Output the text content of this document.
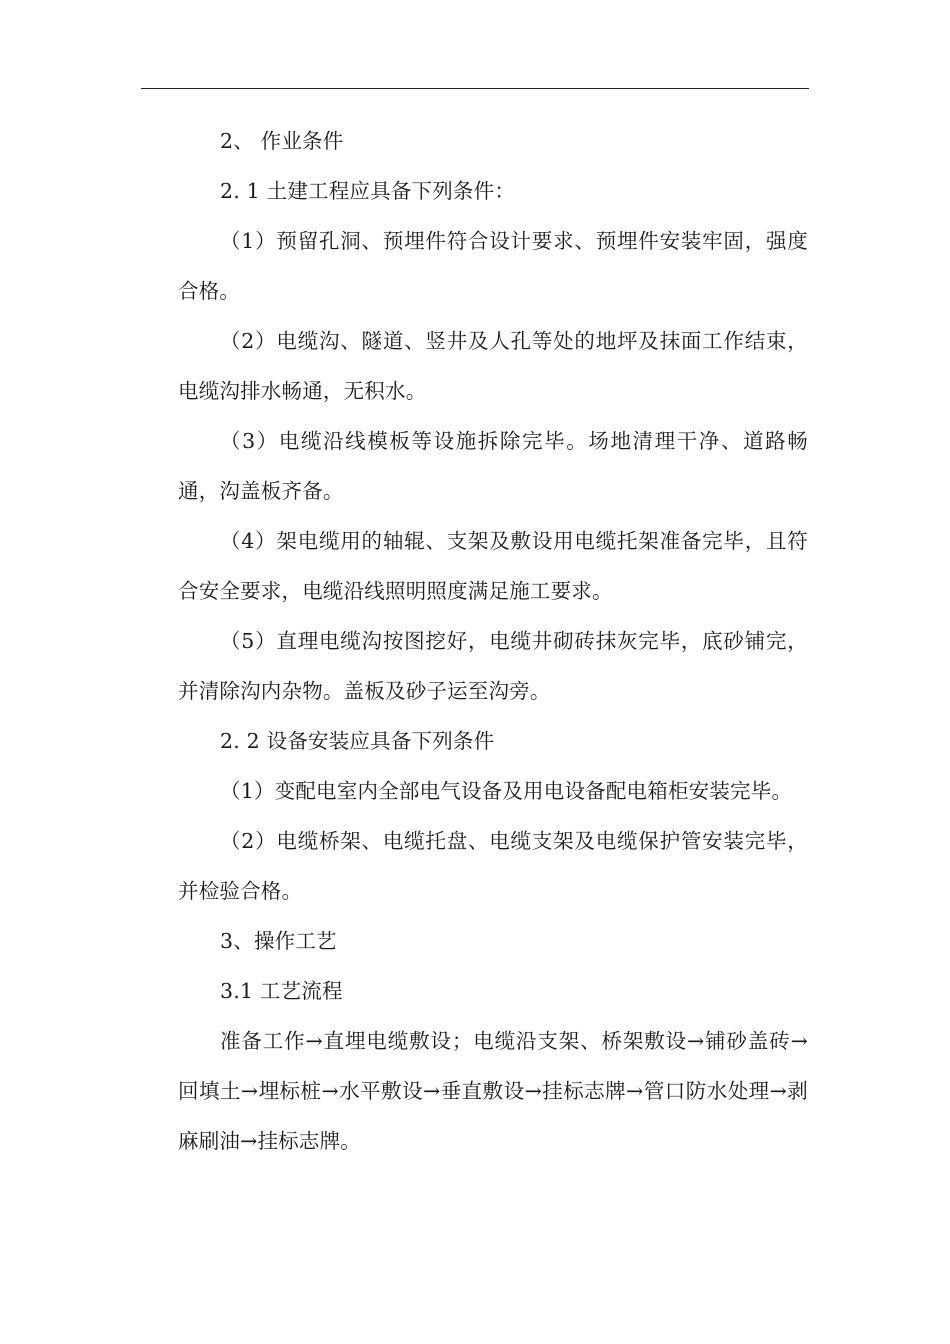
2、 作业条件

2. 1 土建工程应具备下列条件：

（1）预留孔洞、预埋件符合设计要求、预埋件安装牢固，强度合格。

（2）电缆沟、隧道、竖井及人孔等处的地坪及抹面工作结束，电缆沟排水畅通，无积水。

（3）电缆沿线模板等设施拆除完毕。场地清理干净、道路畅通，沟盖板齐备。

（4）架电缆用的轴辊、支架及敷设用电缆托架准备完毕，且符合安全要求，电缆沿线照明照度满足施工要求。

（5）直理电缆沟按图挖好，电缆井砌砖抹灰完毕，底砂铺完，并清除沟内杂物。盖板及砂子运至沟旁。

2. 2 设备安装应具备下列条件

（1）变配电室内全部电气设备及用电设备配电箱柜安装完毕。

（2）电缆桥架、电缆托盘、电缆支架及电缆保护管安装完毕，并检验合格。

3、操作工艺

3.1 工艺流程

准备工作→直埋电缆敷设；电缆沿支架、桥架敷设→铺砂盖砖→回填土→埋标桩→水平敷设→垂直敷设→挂标志牌→管口防水处理→剥麻刷油→挂标志牌。
